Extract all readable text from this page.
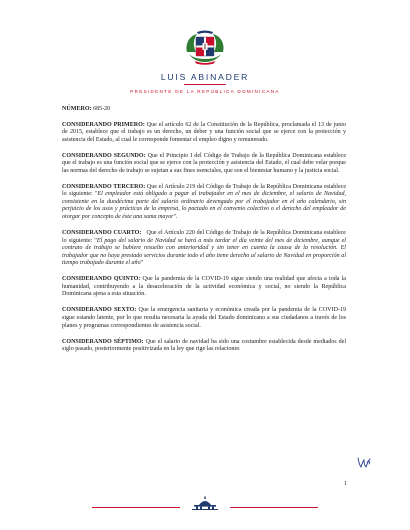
LUIS ABINADER
PRESIDENTE DE LA REPÚBLICA DOMINICANA

NÚMERO: 685-20

CONSIDERANDO PRIMERO: Que el artículo 62 de la Constitución de la República, proclamada el 13 de junio de 2015, establece que el trabajo es un derecho, un deber y una función social que se ejerce con la protección y asistencia del Estado, al cual le corresponde fomentar el empleo digno y remunerado.

CONSIDERANDO SEGUNDO: Que el Principio I del Código de Trabajo de la República Dominicana establece que el trabajo es una función social que se ejerce con la protección y asistencia del Estado, el cual debe velar porque las normas del derecho de trabajo se sujetan a sus fines esenciales, que son el bienestar humano y la justicia social.

CONSIDERANDO TERCERO: Que el Artículo 219 del Código de Trabajo de la República Dominicana establece lo siguiente: "El empleador está obligado a pagar al trabajador en el mes de diciembre, el salario de Navidad, consistente en la duodécima parte del salario ordinario devengado por el trabajador en el año calendario, sin perjuicio de los usos y prácticas de la empresa, lo pactado en el convenio colectivo o el derecho del empleador de otorgar por concepto de éste una suma mayor".

CONSIDERANDO CUARTO:   Que el Artículo 220 del Código de Trabajo de la República Dominicana establece lo siguiente: "El pago del salario de Navidad se hará a más tardar el día veinte del mes de diciembre, aunque el contrato de trabajo se hubiere resuelto con anterioridad y sin tener en cuenta la causa de la resolución. El trabajador que no haya prestado servicios durante todo el año tiene derecho al salario de Navidad en proporción al tiempo trabajado durante el año"

CONSIDERANDO QUINTO: Que la pandemia de la COVID-19 sigue siendo una realidad que afecta a toda la humanidad, contribuyendo a la desaceleración de la actividad económica y social, no siendo la República Dominicana ajena a esta situación.

CONSIDERANDO SEXTO: Que la emergencia sanitaria y económica creada por la pandemia de la COVID-19 sigue estando latente, por lo que resulta necesaria la ayuda del Estado dominicano a sus ciudadanos a través de los planes y programas correspondientes de asistencia social.

CONSIDERANDO SÉPTIMO: Que el salario de navidad ha sido una costumbre establecida desde mediados del siglo pasado, posteriormente positivizada en la ley que rige las relaciones

1
